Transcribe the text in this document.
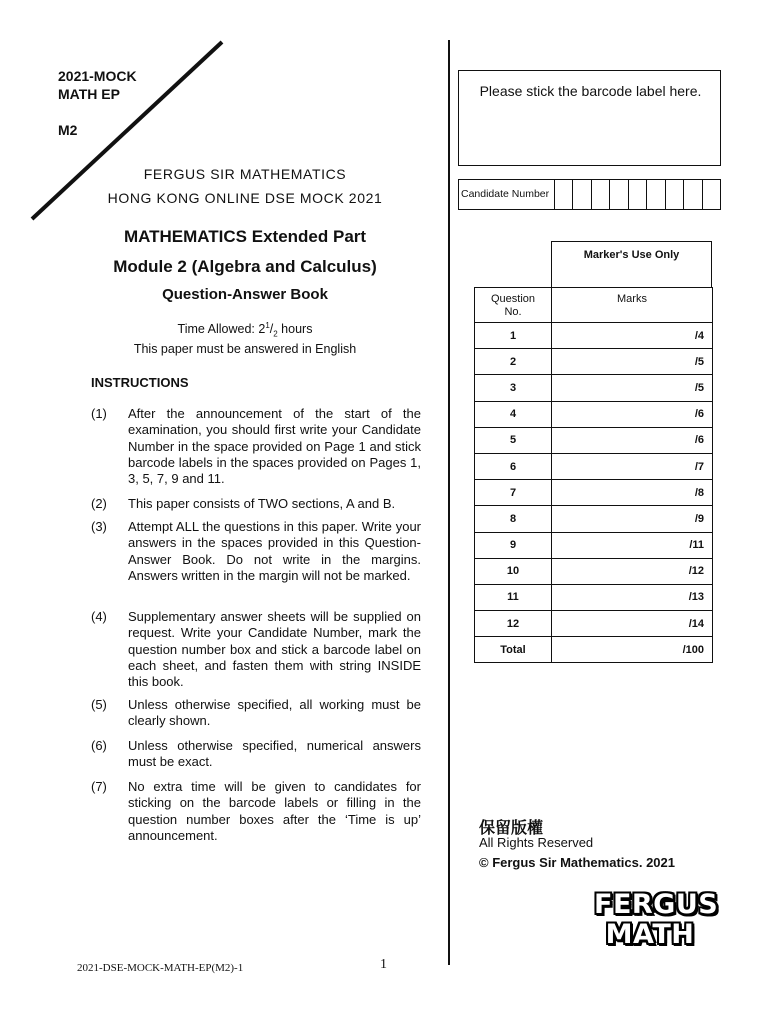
2021-MOCK
MATH EP
M2
FERGUS SIR MATHEMATICS
HONG KONG ONLINE DSE MOCK 2021
MATHEMATICS Extended Part
Module 2 (Algebra and Calculus)
Question-Answer Book
Time Allowed: $2^1/_2$ hours
This paper must be answered in English
INSTRUCTIONS
(1)	After the announcement of the start of the examination, you should first write your Candidate Number in the space provided on Page 1 and stick barcode labels in the spaces provided on Pages 1, 3, 5, 7, 9 and 11.
(2)	This paper consists of TWO sections, A and B.
(3)	Attempt ALL the questions in this paper. Write your answers in the spaces provided in this Question-Answer Book. Do not write in the margins. Answers written in the margin will not be marked.
(4)	Supplementary answer sheets will be supplied on request. Write your Candidate Number, mark the question number box and stick a barcode label on each sheet, and fasten them with string INSIDE this book.
(5)	Unless otherwise specified, all working must be clearly shown.
(6)	Unless otherwise specified, numerical answers must be exact.
(7)	No extra time will be given to candidates for sticking on the barcode labels or filling in the question number boxes after the ‘Time is up’ announcement.
Please stick the barcode label here.
Candidate Number
Marker's Use Only
Question No.	Marks
1	/4
2	/5
3	/5
4	/6
5	/6
6	/7
7	/8
8	/9
9	/11
10	/12
11	/13
12	/14
Total	/100
保留版權
All Rights Reserved
© Fergus Sir Mathematics. 2021
FERGUS
MATH
2021-DSE-MOCK-MATH-EP(M2)-1	1
